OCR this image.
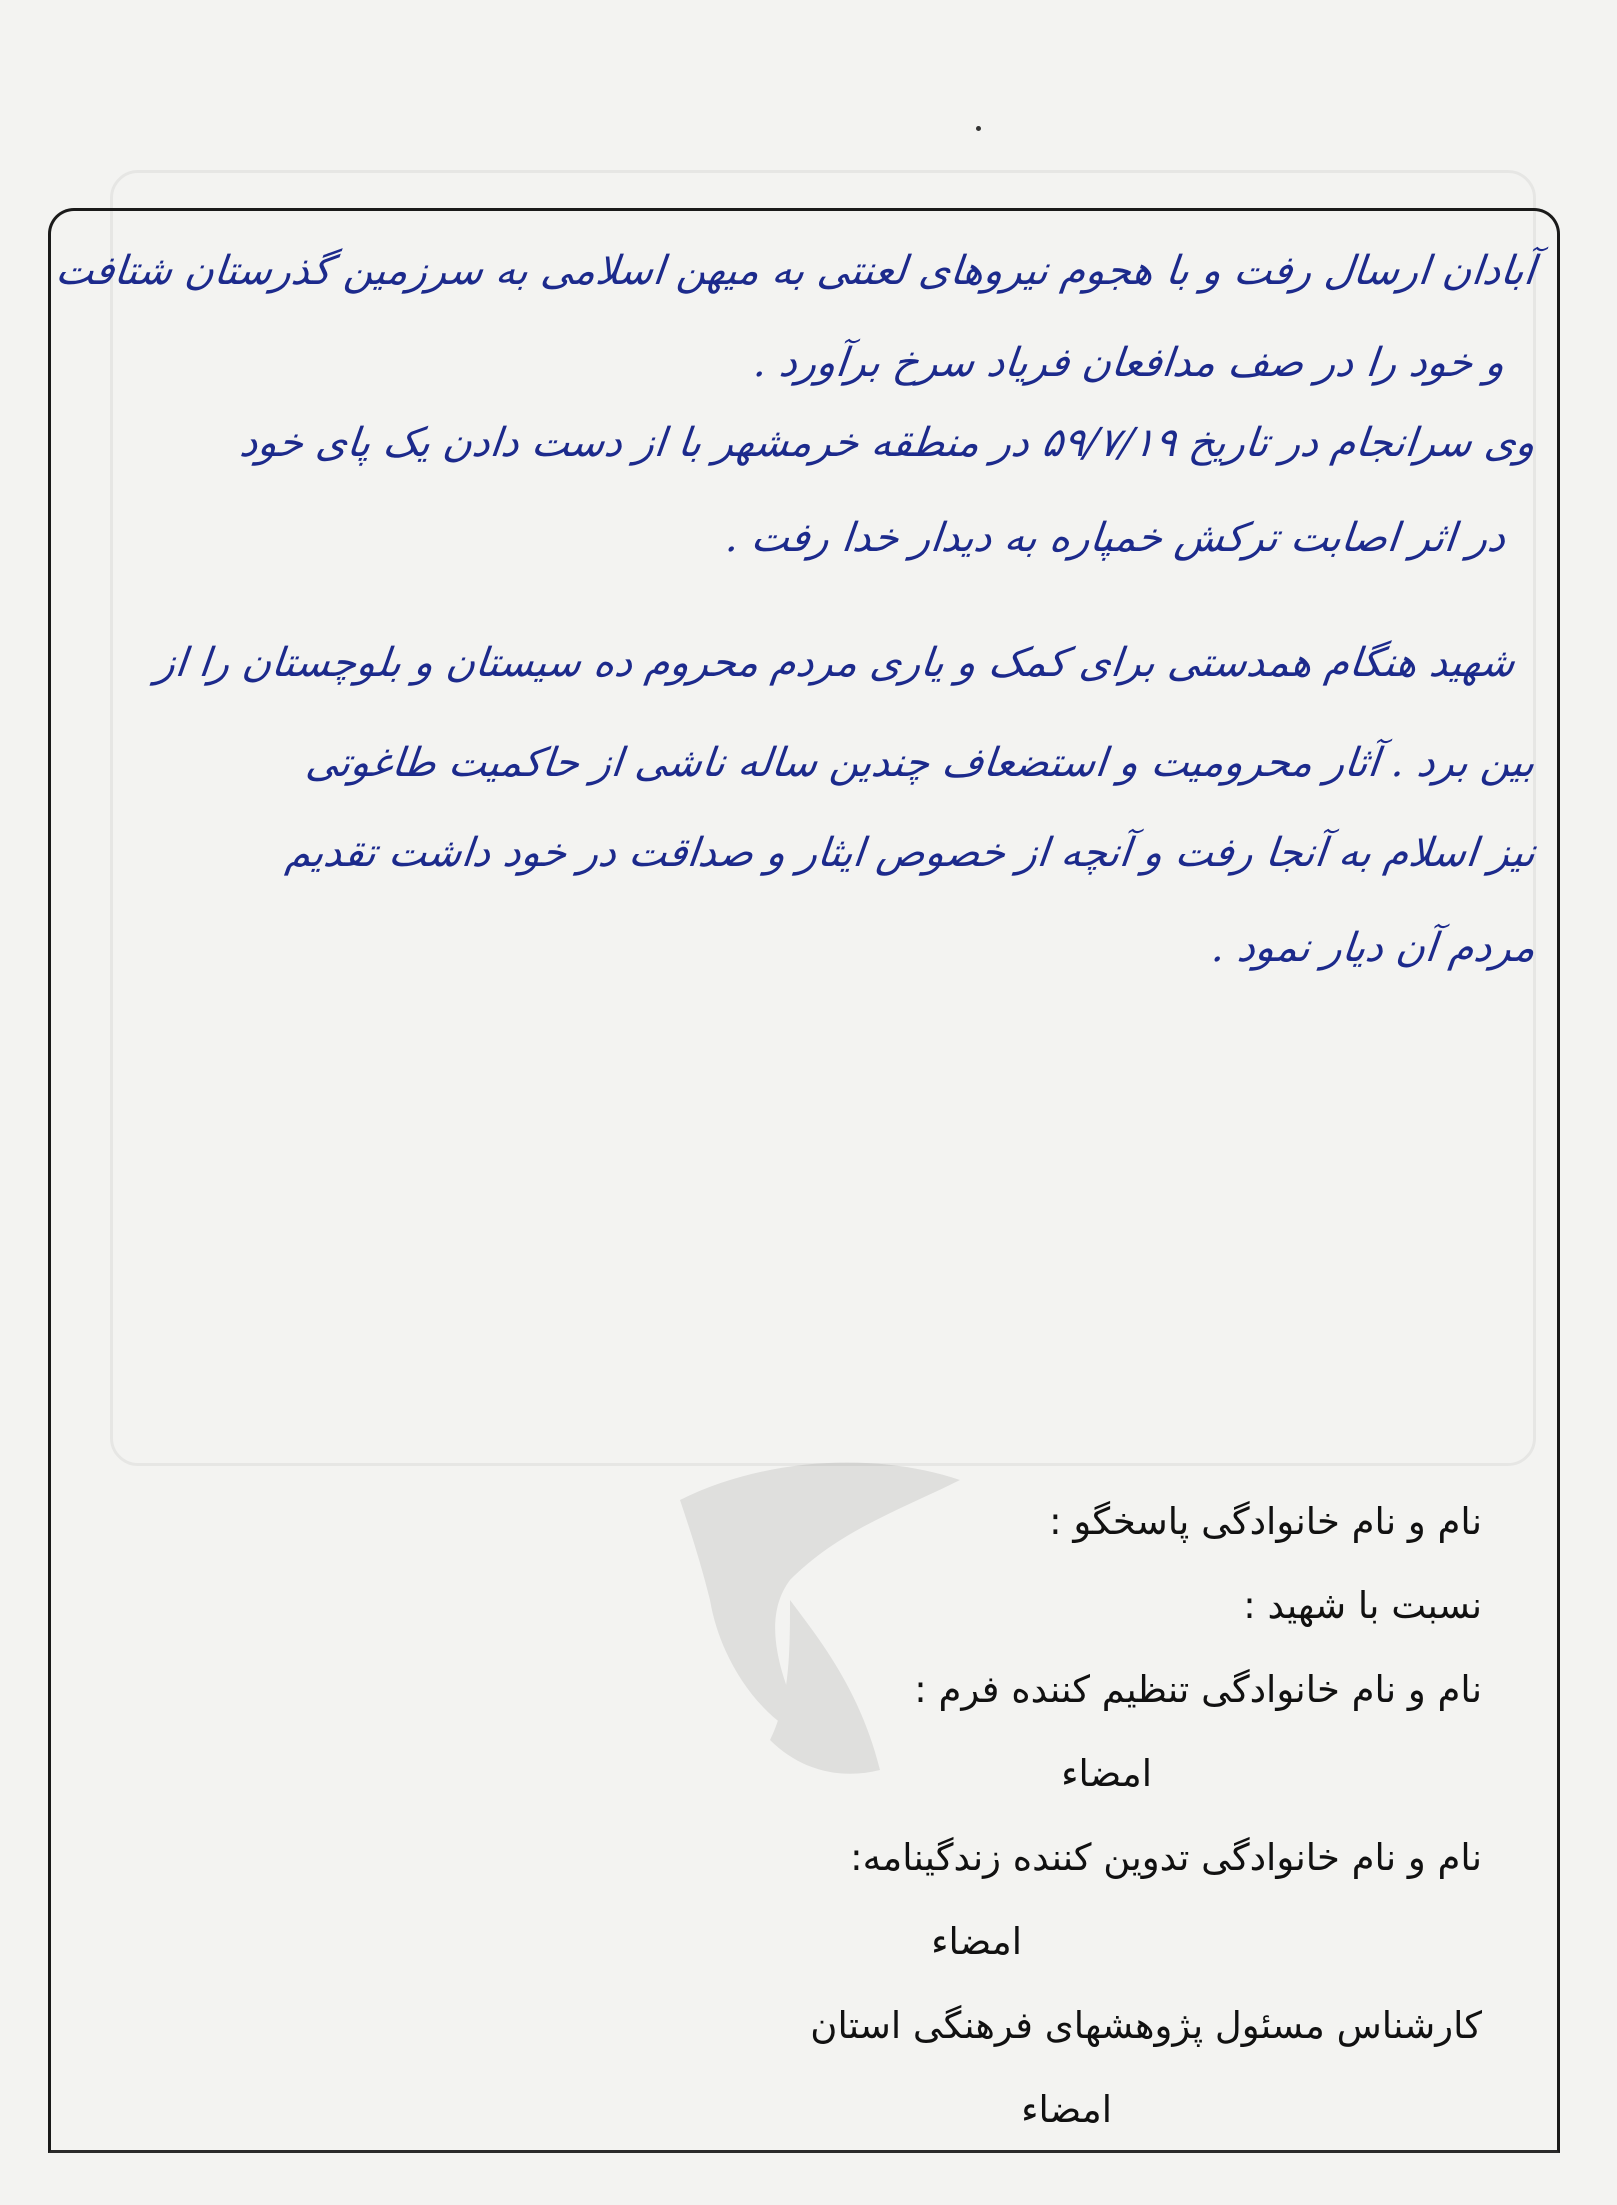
آبادان ارسال رفت و با هجوم نیروهای لعنتی به میهن اسلامی به سرزمین گذرستان شتافت
و خود را در صف مدافعان فریاد سرخ برآورد .
وی سرانجام در تاریخ ۵۹/۷/۱۹ در منطقه خرمشهر با از دست دادن یک پای خود
در اثر اصابت ترکش خمپاره به دیدار خدا رفت .
شهید هنگام همدستی برای کمک و یاری مردم محروم ده سیستان و بلوچستان را از
بین برد . آثار محرومیت و استضعاف چندین ساله ناشی از حاکمیت طاغوتی
نیز اسلام به آنجا رفت و آنچه از خصوص ایثار و صداقت در خود داشت تقدیم
مردم آن دیار نمود .
نام و نام خانوادگی پاسخگو :
نسبت با شهید :
نام و نام خانوادگی تنظیم کننده فرم :
امضاء
نام و نام خانوادگی تدوین کننده زندگینامه:
امضاء
کارشناس مسئول پژوهشهای فرهنگی استان
امضاء
